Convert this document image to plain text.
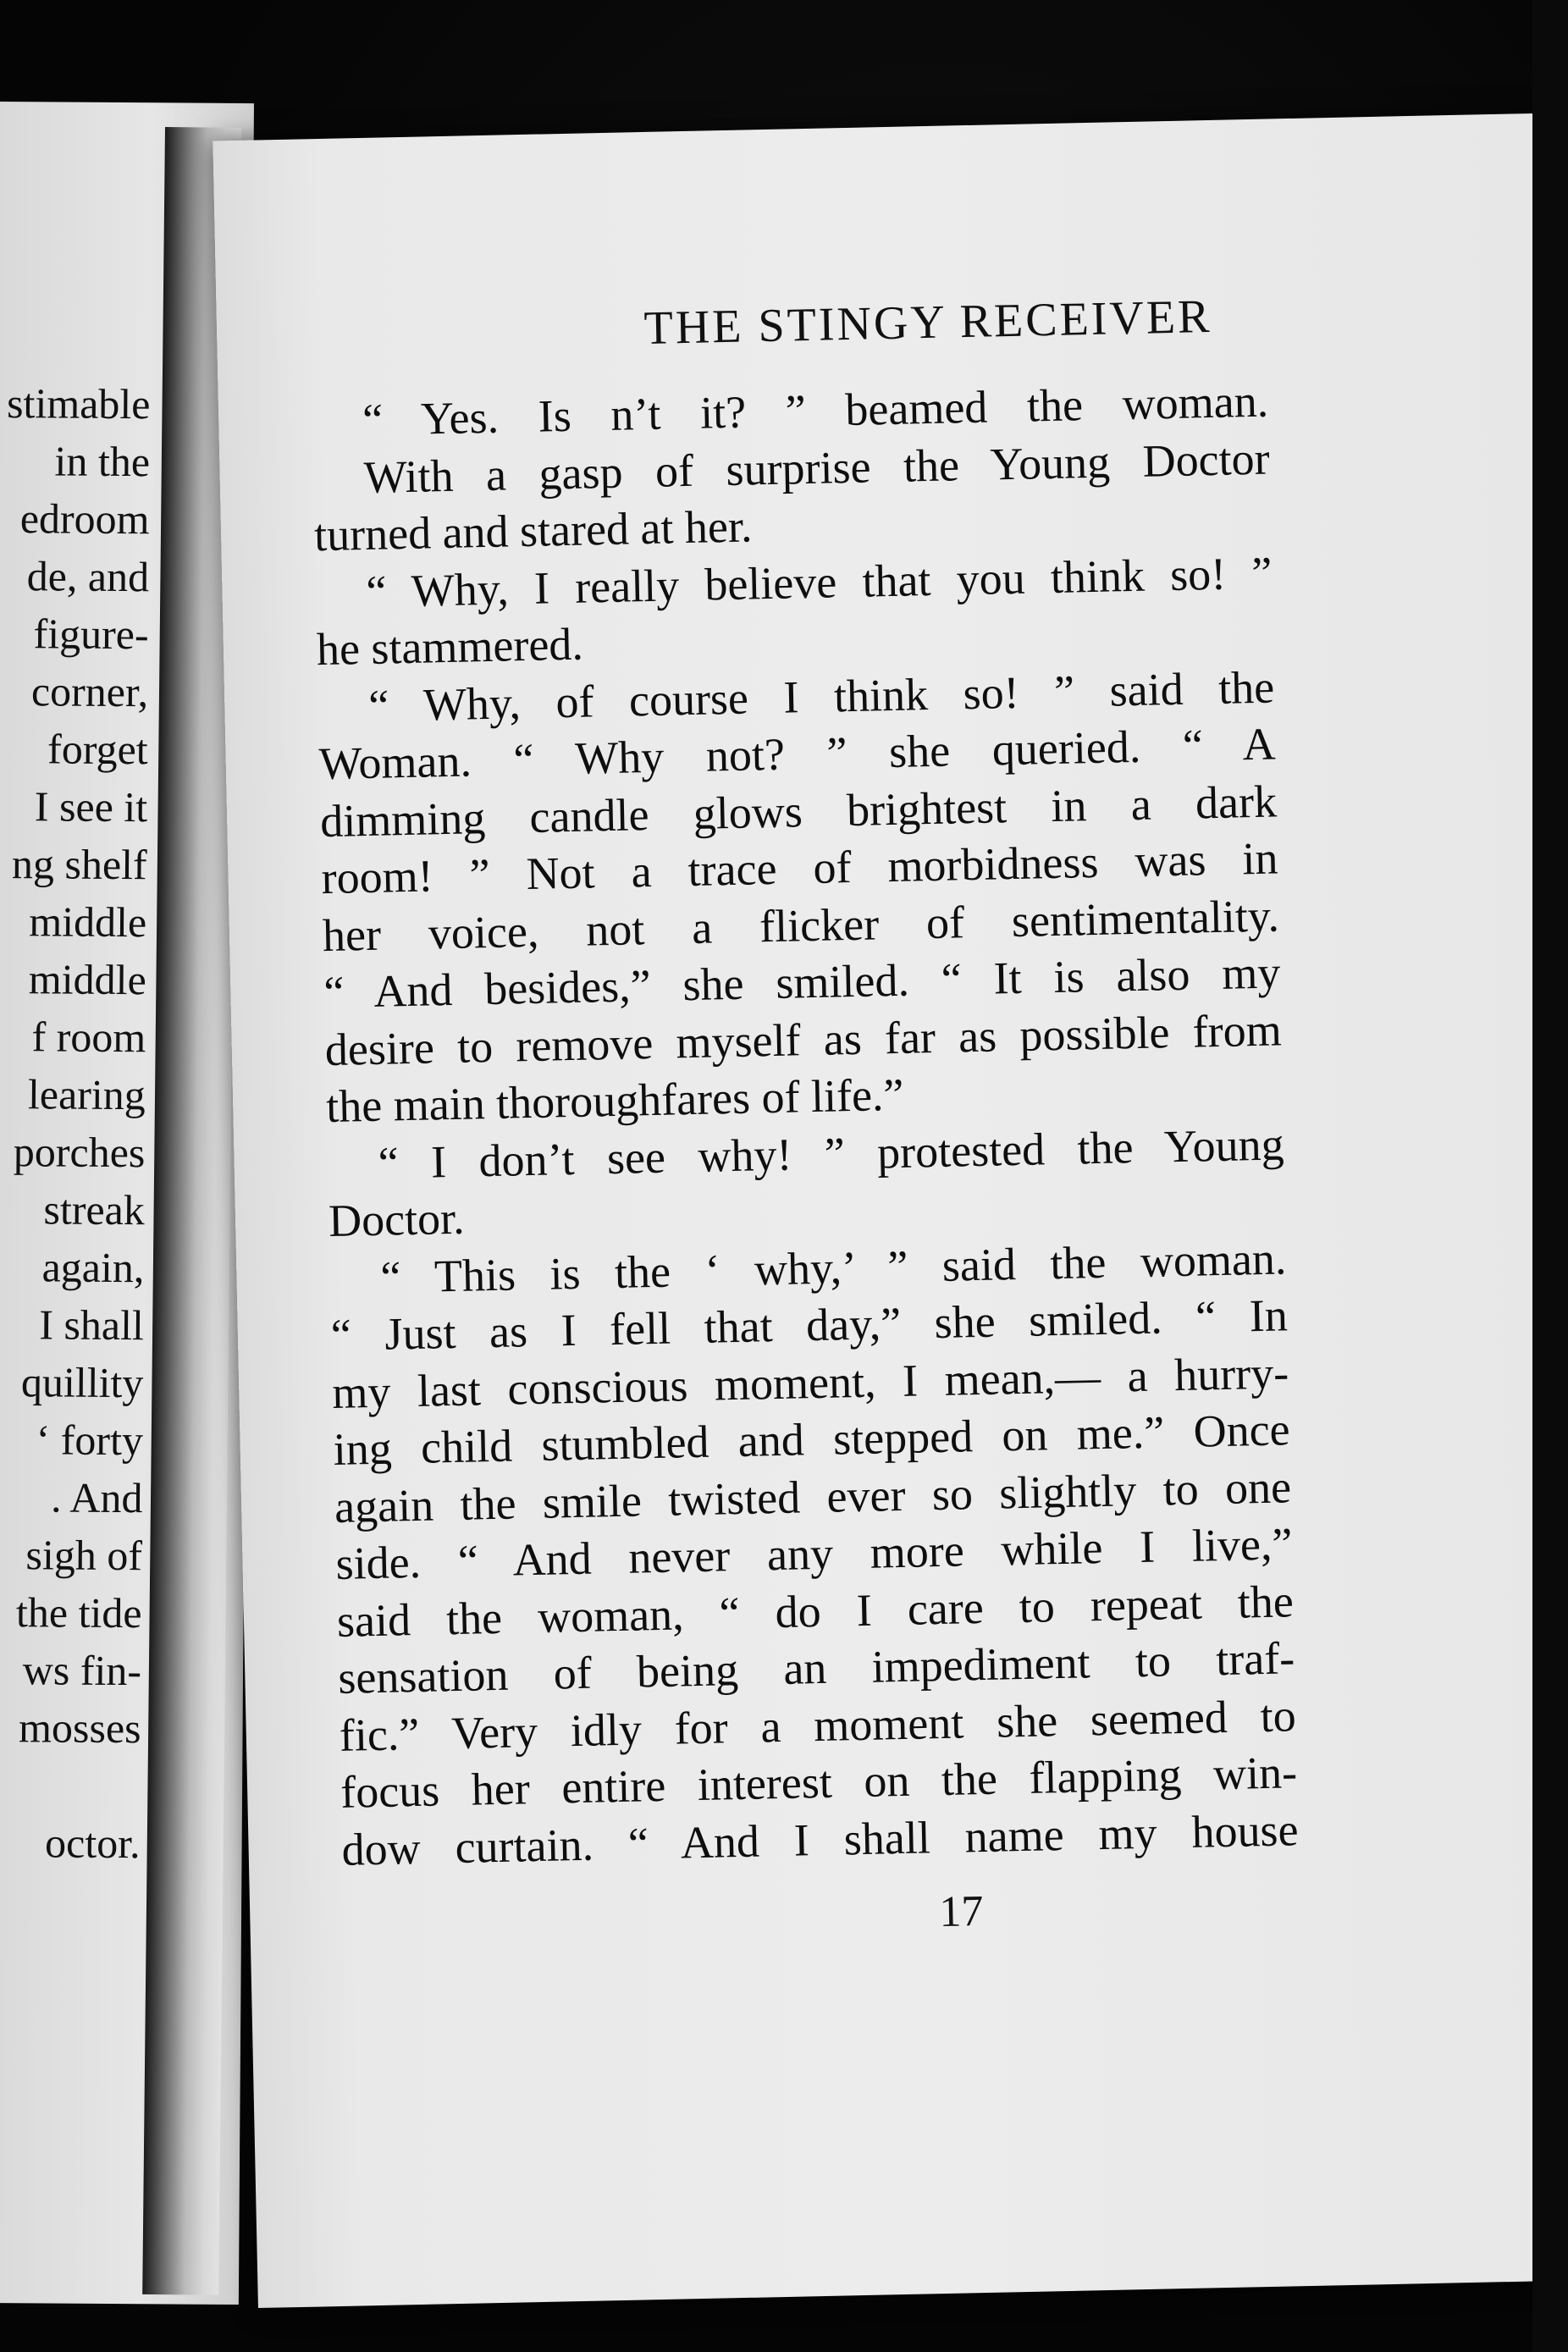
stimable
in the
edroom
de, and
figure-
corner,
forget
I see it
ng shelf
middle
middle
f room
learing
porches
streak
again,
I shall
quillity
‘ forty
. And
sigh of
the tide
ws fin-
mosses
octor.
THE STINGY RECEIVER
“ Yes. Is n’t it? ” beamed the woman.
With a gasp of surprise the Young Doctor
turned and stared at her.
“ Why, I really believe that you think so! ”
he stammered.
“ Why, of course I think so! ” said the
Woman. “ Why not? ” she queried. “ A
dimming candle glows brightest in a dark
room! ” Not a trace of morbidness was in
her voice, not a flicker of sentimentality.
“ And besides,” she smiled. “ It is also my
desire to remove myself as far as possible from
the main thoroughfares of life.”
“ I don’t see why! ” protested the Young
Doctor.
“ This is the ‘ why,’ ” said the woman.
“ Just as I fell that day,” she smiled. “ In
my last conscious moment, I mean,— a hurry-
ing child stumbled and stepped on me.” Once
again the smile twisted ever so slightly to one
side. “ And never any more while I live,”
said the woman, “ do I care to repeat the
sensation of being an impediment to traf-
fic.” Very idly for a moment she seemed to
focus her entire interest on the flapping win-
dow curtain. “ And I shall name my house
17
